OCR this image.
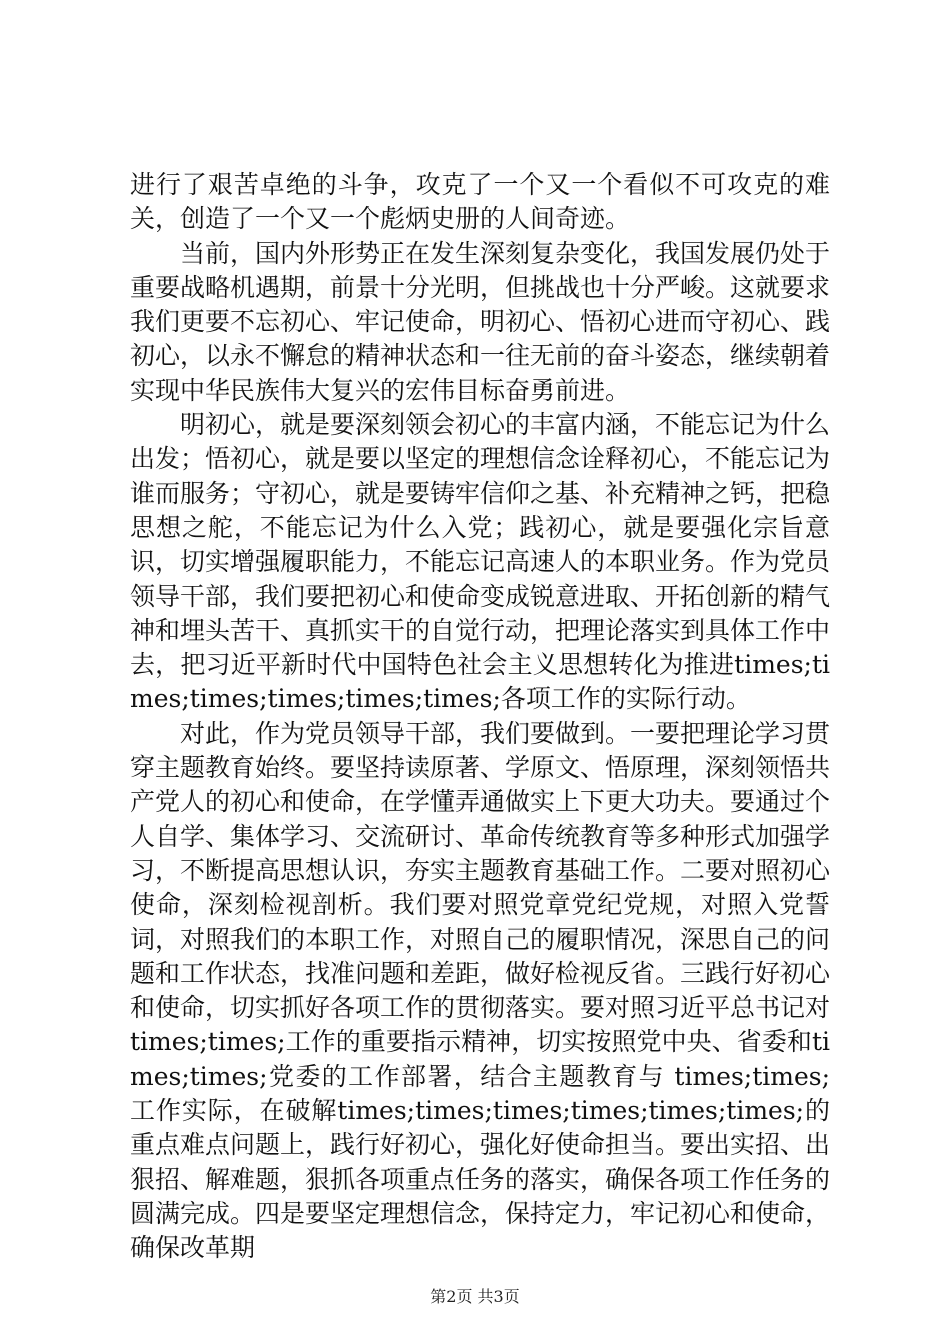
进行了艰苦卓绝的斗争，攻克了一个又一个看似不可攻克的难关，创造了一个又一个彪炳史册的人间奇迹。

当前，国内外形势正在发生深刻复杂变化，我国发展仍处于重要战略机遇期，前景十分光明，但挑战也十分严峻。这就要求我们更要不忘初心、牢记使命，明初心、悟初心进而守初心、践初心，以永不懈怠的精神状态和一往无前的奋斗姿态，继续朝着实现中华民族伟大复兴的宏伟目标奋勇前进。

明初心，就是要深刻领会初心的丰富内涵，不能忘记为什么出发；悟初心，就是要以坚定的理想信念诠释初心，不能忘记为谁而服务；守初心，就是要铸牢信仰之基、补充精神之钙，把稳思想之舵，不能忘记为什么入党；践初心，就是要强化宗旨意识，切实增强履职能力，不能忘记高速人的本职业务。作为党员领导干部，我们要把初心和使命变成锐意进取、开拓创新的精气神和埋头苦干、真抓实干的自觉行动，把理论落实到具体工作中去，把习近平新时代中国特色社会主义思想转化为推进times;times;times;times;times;times;各项工作的实际行动。

对此，作为党员领导干部，我们要做到。一要把理论学习贯穿主题教育始终。要坚持读原著、学原文、悟原理，深刻领悟共产党人的初心和使命，在学懂弄通做实上下更大功夫。要通过个人自学、集体学习、交流研讨、革命传统教育等多种形式加强学习，不断提高思想认识，夯实主题教育基础工作。二要对照初心使命，深刻检视剖析。我们要对照党章党纪党规，对照入党誓词，对照我们的本职工作，对照自己的履职情况，深思自己的问题和工作状态，找准问题和差距，做好检视反省。三践行好初心和使命，切实抓好各项工作的贯彻落实。要对照习近平总书记对times;times;工作的重要指示精神，切实按照党中央、省委和times;times;党委的工作部署，结合主题教育与 times;times; 工作实际，在破解times;times;times;times;times;times;的重点难点问题上，践行好初心，强化好使命担当。要出实招、出狠招、解难题，狠抓各项重点任务的落实，确保各项工作任务的圆满完成。四是要坚定理想信念，保持定力，牢记初心和使命，确保改革期

第2页 共3页
